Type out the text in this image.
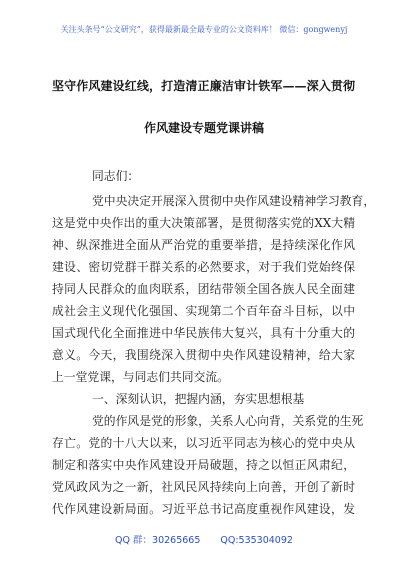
关注头条号“公文研究”，获得最新最全最专业的公文资料库！ 微信：gongwenyj
坚守作风建设红线，打造清正廉洁审计铁军——深入贯彻
作风建设专题党课讲稿
同志们：
党中央决定开展深入贯彻中央作风建设精神学习教育，
这是党中央作出的重大决策部署，是贯彻落实党的XX大精
神、纵深推进全面从严治党的重要举措，是持续深化作风
建设、密切党群干群关系的必然要求，对于我们党始终保
持同人民群众的血肉联系，团结带领全国各族人民全面建
成社会主义现代化强国、实现第二个百年奋斗目标，以中
国式现代化全面推进中华民族伟大复兴，具有十分重大的
意义。今天，我围绕深入贯彻中央作风建设精神，给大家
上一堂党课，与同志们共同交流。
一、深刻认识，把握内涵，夯实思想根基
党的作风是党的形象，关系人心向背，关系党的生死
存亡。党的十八大以来，以习近平同志为核心的党中央从
制定和落实中央作风建设开局破题，持之以恒正风肃纪，
党风政风为之一新，社风民风持续向上向善，开创了新时
代作风建设新局面。习近平总书记高度重视作风建设，发
QQ 群：30265665 QQ:535304092
